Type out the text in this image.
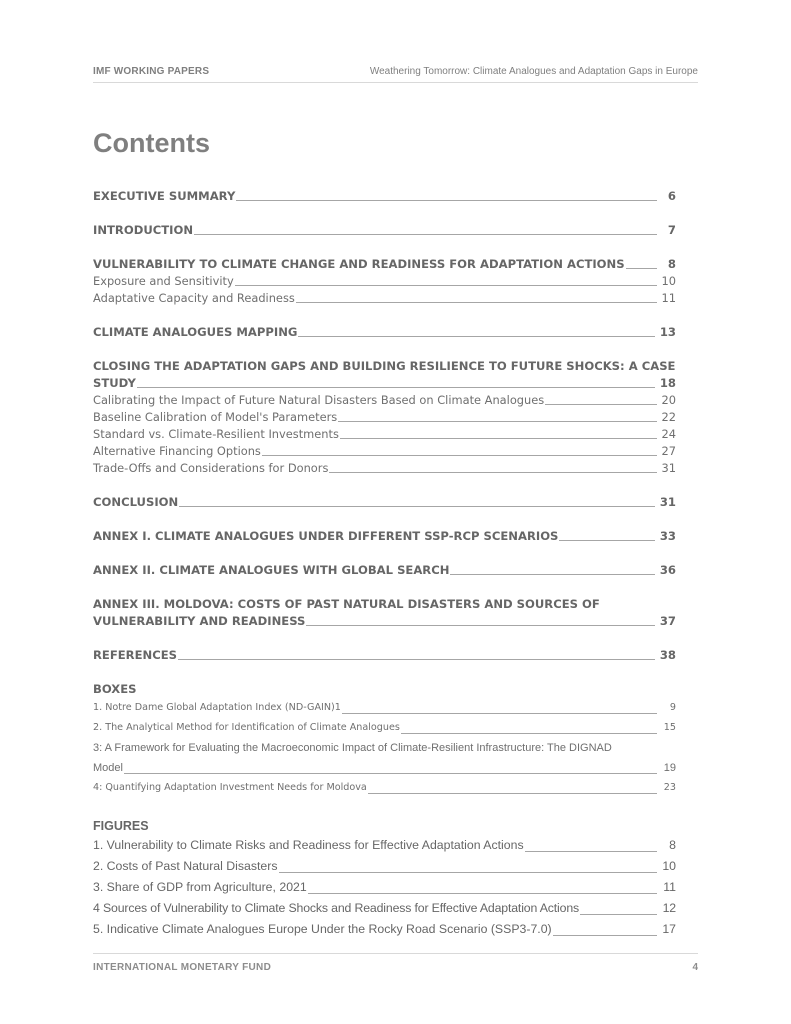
IMF WORKING PAPERS	Weathering Tomorrow: Climate Analogues and Adaptation Gaps in Europe
Contents
EXECUTIVE SUMMARY	6
INTRODUCTION	7
VULNERABILITY TO CLIMATE CHANGE AND READINESS FOR ADAPTATION ACTIONS	8
Exposure and Sensitivity	10
Adaptative Capacity and Readiness	11
CLIMATE ANALOGUES MAPPING	13
CLOSING THE ADAPTATION GAPS AND BUILDING RESILIENCE TO FUTURE SHOCKS: A CASE
STUDY	18
Calibrating the Impact of Future Natural Disasters Based on Climate Analogues	20
Baseline Calibration of Model's Parameters	22
Standard vs. Climate-Resilient Investments	24
Alternative Financing Options	27
Trade-Offs and Considerations for Donors	31
CONCLUSION	31
ANNEX I. CLIMATE ANALOGUES UNDER DIFFERENT SSP-RCP SCENARIOS	33
ANNEX II. CLIMATE ANALOGUES WITH GLOBAL SEARCH	36
ANNEX III. MOLDOVA: COSTS OF PAST NATURAL DISASTERS AND SOURCES OF
VULNERABILITY AND READINESS	37
REFERENCES	38
BOXES
1. Notre Dame Global Adaptation Index (ND-GAIN)1	9
2. The Analytical Method for Identification of Climate Analogues	15
3: A Framework for Evaluating the Macroeconomic Impact of Climate-Resilient Infrastructure: The DIGNAD
Model	19
4: Quantifying Adaptation Investment Needs for Moldova	23
FIGURES
1. Vulnerability to Climate Risks and Readiness for Effective Adaptation Actions	8
2. Costs of Past Natural Disasters	10
3. Share of GDP from Agriculture, 2021	11
4 Sources of Vulnerability to Climate Shocks and Readiness for Effective Adaptation Actions	12
5. Indicative Climate Analogues Europe Under the Rocky Road Scenario (SSP3-7.0)	17
INTERNATIONAL MONETARY FUND	4
